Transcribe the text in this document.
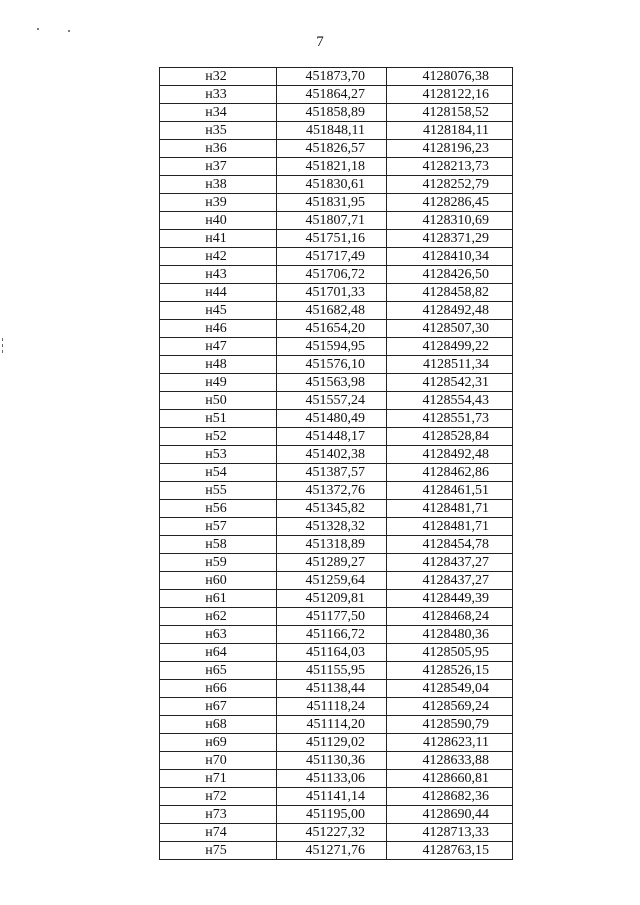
7
н32	451873,70	4128076,38
н33	451864,27	4128122,16
н34	451858,89	4128158,52
н35	451848,11	4128184,11
н36	451826,57	4128196,23
н37	451821,18	4128213,73
н38	451830,61	4128252,79
н39	451831,95	4128286,45
н40	451807,71	4128310,69
н41	451751,16	4128371,29
н42	451717,49	4128410,34
н43	451706,72	4128426,50
н44	451701,33	4128458,82
н45	451682,48	4128492,48
н46	451654,20	4128507,30
н47	451594,95	4128499,22
н48	451576,10	4128511,34
н49	451563,98	4128542,31
н50	451557,24	4128554,43
н51	451480,49	4128551,73
н52	451448,17	4128528,84
н53	451402,38	4128492,48
н54	451387,57	4128462,86
н55	451372,76	4128461,51
н56	451345,82	4128481,71
н57	451328,32	4128481,71
н58	451318,89	4128454,78
н59	451289,27	4128437,27
н60	451259,64	4128437,27
н61	451209,81	4128449,39
н62	451177,50	4128468,24
н63	451166,72	4128480,36
н64	451164,03	4128505,95
н65	451155,95	4128526,15
н66	451138,44	4128549,04
н67	451118,24	4128569,24
н68	451114,20	4128590,79
н69	451129,02	4128623,11
н70	451130,36	4128633,88
н71	451133,06	4128660,81
н72	451141,14	4128682,36
н73	451195,00	4128690,44
н74	451227,32	4128713,33
н75	451271,76	4128763,15
